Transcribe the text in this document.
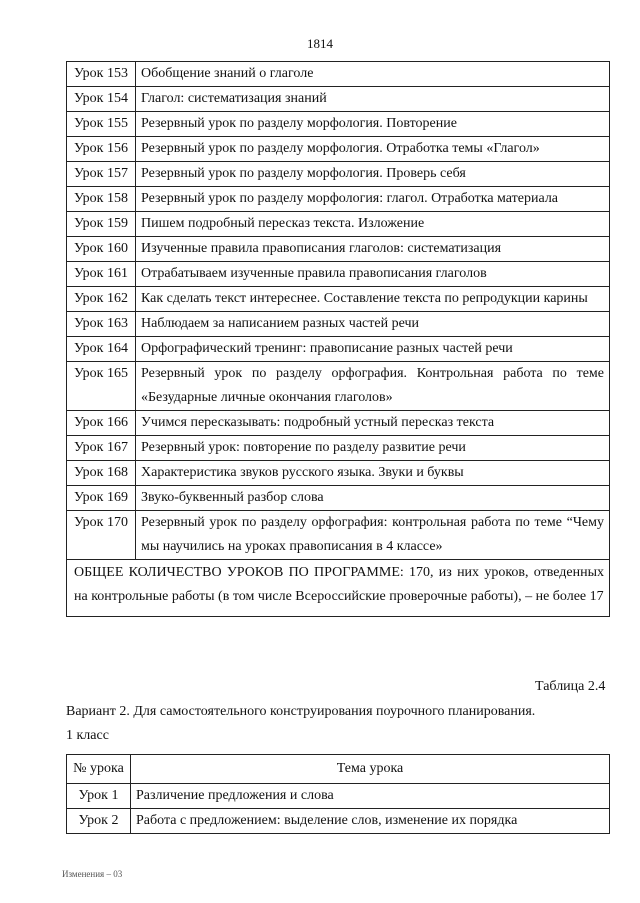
1814
Урок 153	Обобщение знаний о глаголе
Урок 154	Глагол: систематизация знаний
Урок 155	Резервный урок по разделу морфология. Повторение
Урок 156	Резервный урок по разделу морфология. Отработка темы «Глагол»
Урок 157	Резервный урок по разделу морфология. Проверь себя
Урок 158	Резервный урок по разделу морфология: глагол. Отработка материала
Урок 159	Пишем подробный пересказ текста. Изложение
Урок 160	Изученные правила правописания глаголов: систематизация
Урок 161	Отрабатываем изученные правила правописания глаголов
Урок 162	Как сделать текст интереснее. Составление текста по репродукции карины
Урок 163	Наблюдаем за написанием разных частей речи
Урок 164	Орфографический тренинг: правописание разных частей речи
Урок 165	Резервный урок по разделу орфография. Контрольная работа по теме «Безударные личные окончания глаголов»
Урок 166	Учимся пересказывать: подробный устный пересказ текста
Урок 167	Резервный урок: повторение по разделу развитие речи
Урок 168	Характеристика звуков русского языка. Звуки и буквы
Урок 169	Звуко-буквенный разбор слова
Урок 170	Резервный урок по разделу орфография: контрольная работа по теме “Чему мы научились на уроках правописания в 4 классе»
ОБЩЕЕ КОЛИЧЕСТВО УРОКОВ ПО ПРОГРАММЕ: 170, из них уроков, отведенных на контрольные работы (в том числе Всероссийские проверочные работы), – не более 17	
Таблица 2.4
Вариант 2. Для самостоятельного конструирования поурочного планирования.
1 класс
№ урока	Тема урока
Урок 1	Различение предложения и слова
Урок 2	Работа с предложением: выделение слов, изменение их порядка
Изменения – 03
